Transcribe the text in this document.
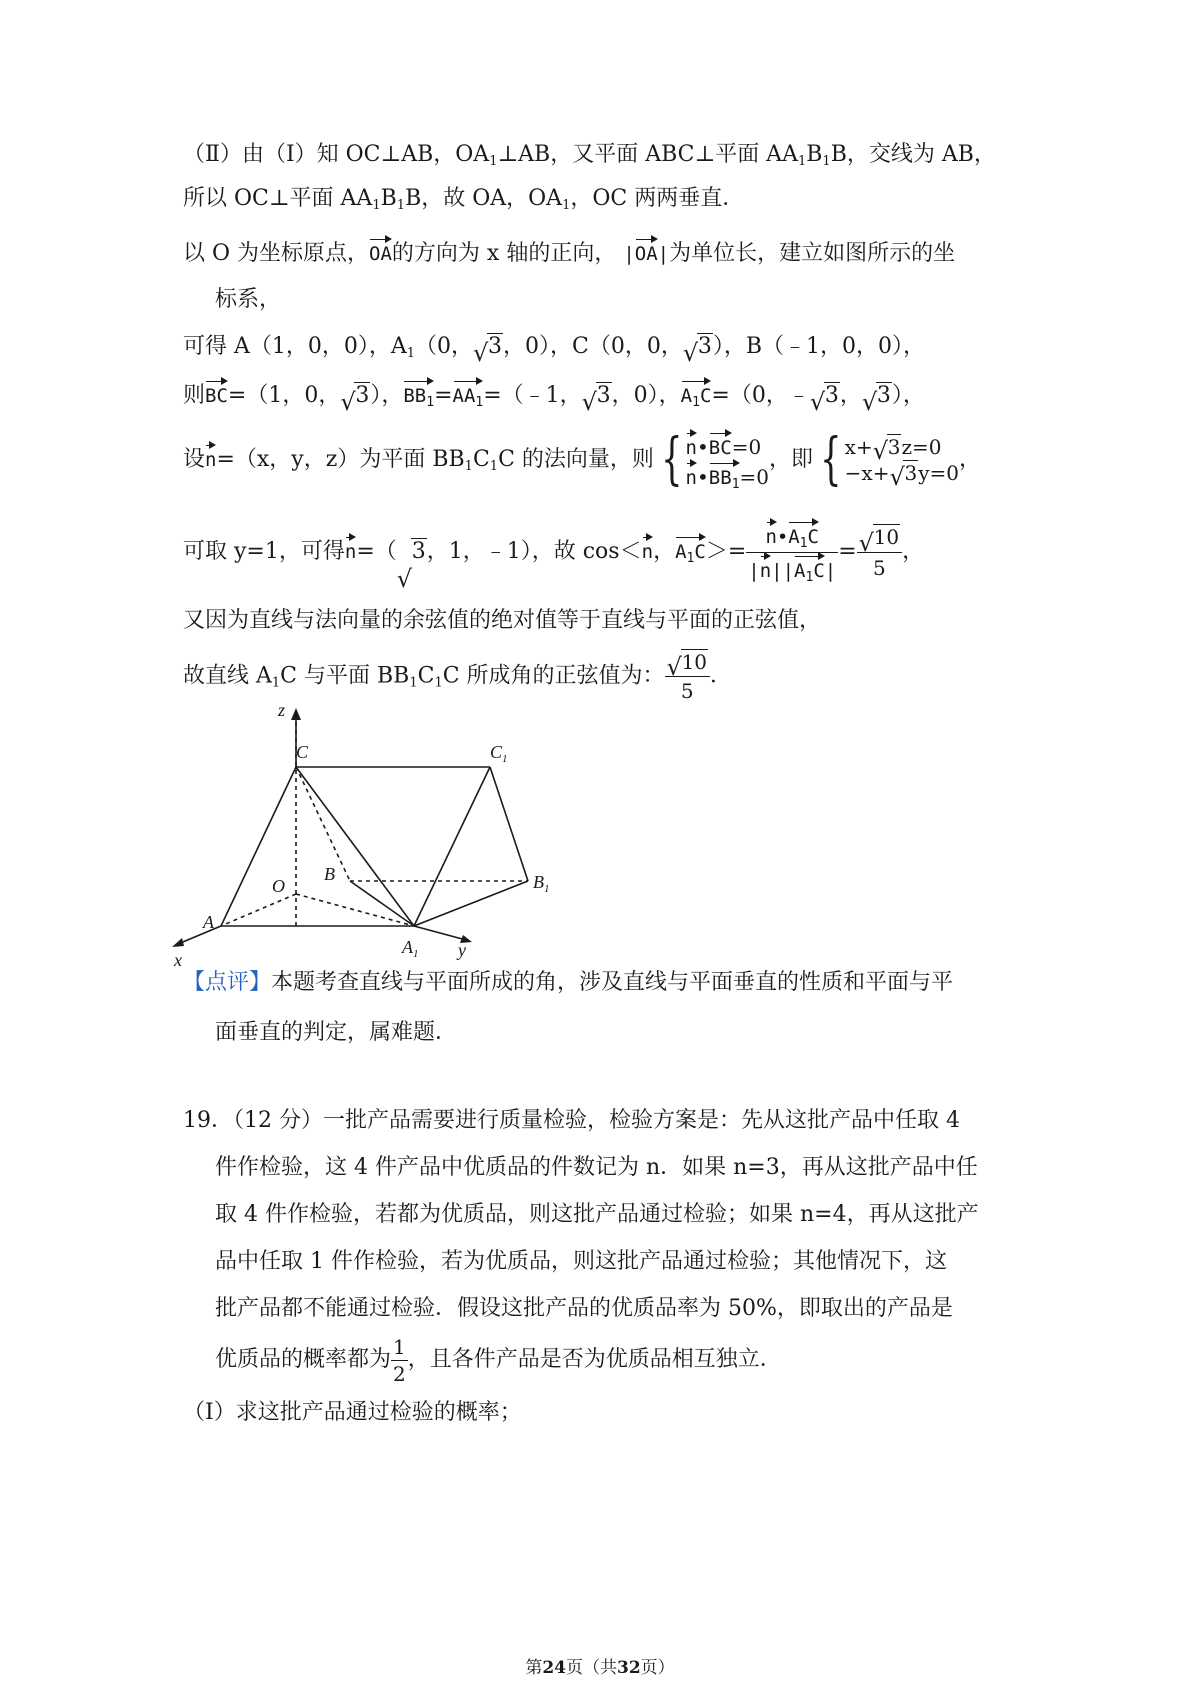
（Ⅱ）由（Ⅰ）知 OC⊥AB，$OA_1\perp AB$，又平面 ABC⊥平面 $AA_1B_1B$，交线为 AB，
所以 OC⊥平面 $AA_1B_1B$，故 OA，$OA_1$，OC 两两垂直．
以 O 为坐标原点，OA的方向为 x 轴的正向， |OA|为单位长，建立如图所示的坐
标系，
可得 A（1，0，0），$A_1(0$， √ 3，0），C（0，0， √ 3），B（﹣1，0，0），
则BC=（1，0， √ 3），$BB_1=AA_1=(﹣1$， √ 3，0），$A_1C=(0$，﹣ √ 3， √ 3），
设n=（x，y，z）为平面 $BB_1C_1C$ 的法向量，则 { n•BC=0
$n•BB_1=0$
，即 { x+ √ 3z=0
−x+ √ 3y=0
，
可取 y=1，可得n=（
√
3，1，﹣1），故 cos＜n，$A_1C>= \frac{n•A_1C}{|n||A_1C|} = \frac{√ 10}{5}$ ，
又因为直线与法向量的余弦值的绝对值等于直线与平面的正弦值，
故直线 $A_1C$ 与平面 $BB_1C_1C$ 所成角的正弦值为： $\frac{√ 10}{5}$ ．
z
x	y
O
A
$A_1$
B	$B_1$
C	$C_1$
【点评】本题考查直线与平面所成的角，涉及直线与平面垂直的性质和平面与平
面垂直的判定，属难题．
19．（12 分）一批产品需要进行质量检验，检验方案是：先从这批产品中任取 4
件作检验，这 4 件产品中优质品的件数记为 n．如果 n=3，再从这批产品中任
取 4 件作检验，若都为优质品，则这批产品通过检验；如果 n=4，再从这批产
品中任取 1 件作检验，若为优质品，则这批产品通过检验；其他情况下，这
批产品都不能通过检验．假设这批产品的优质品率为 50%，即取出的产品是
优质品的概率都为 $\frac{1}{2}$ ，且各件产品是否为优质品相互独立．
（Ⅰ）求这批产品通过检验的概率；
第24页（共32页）
